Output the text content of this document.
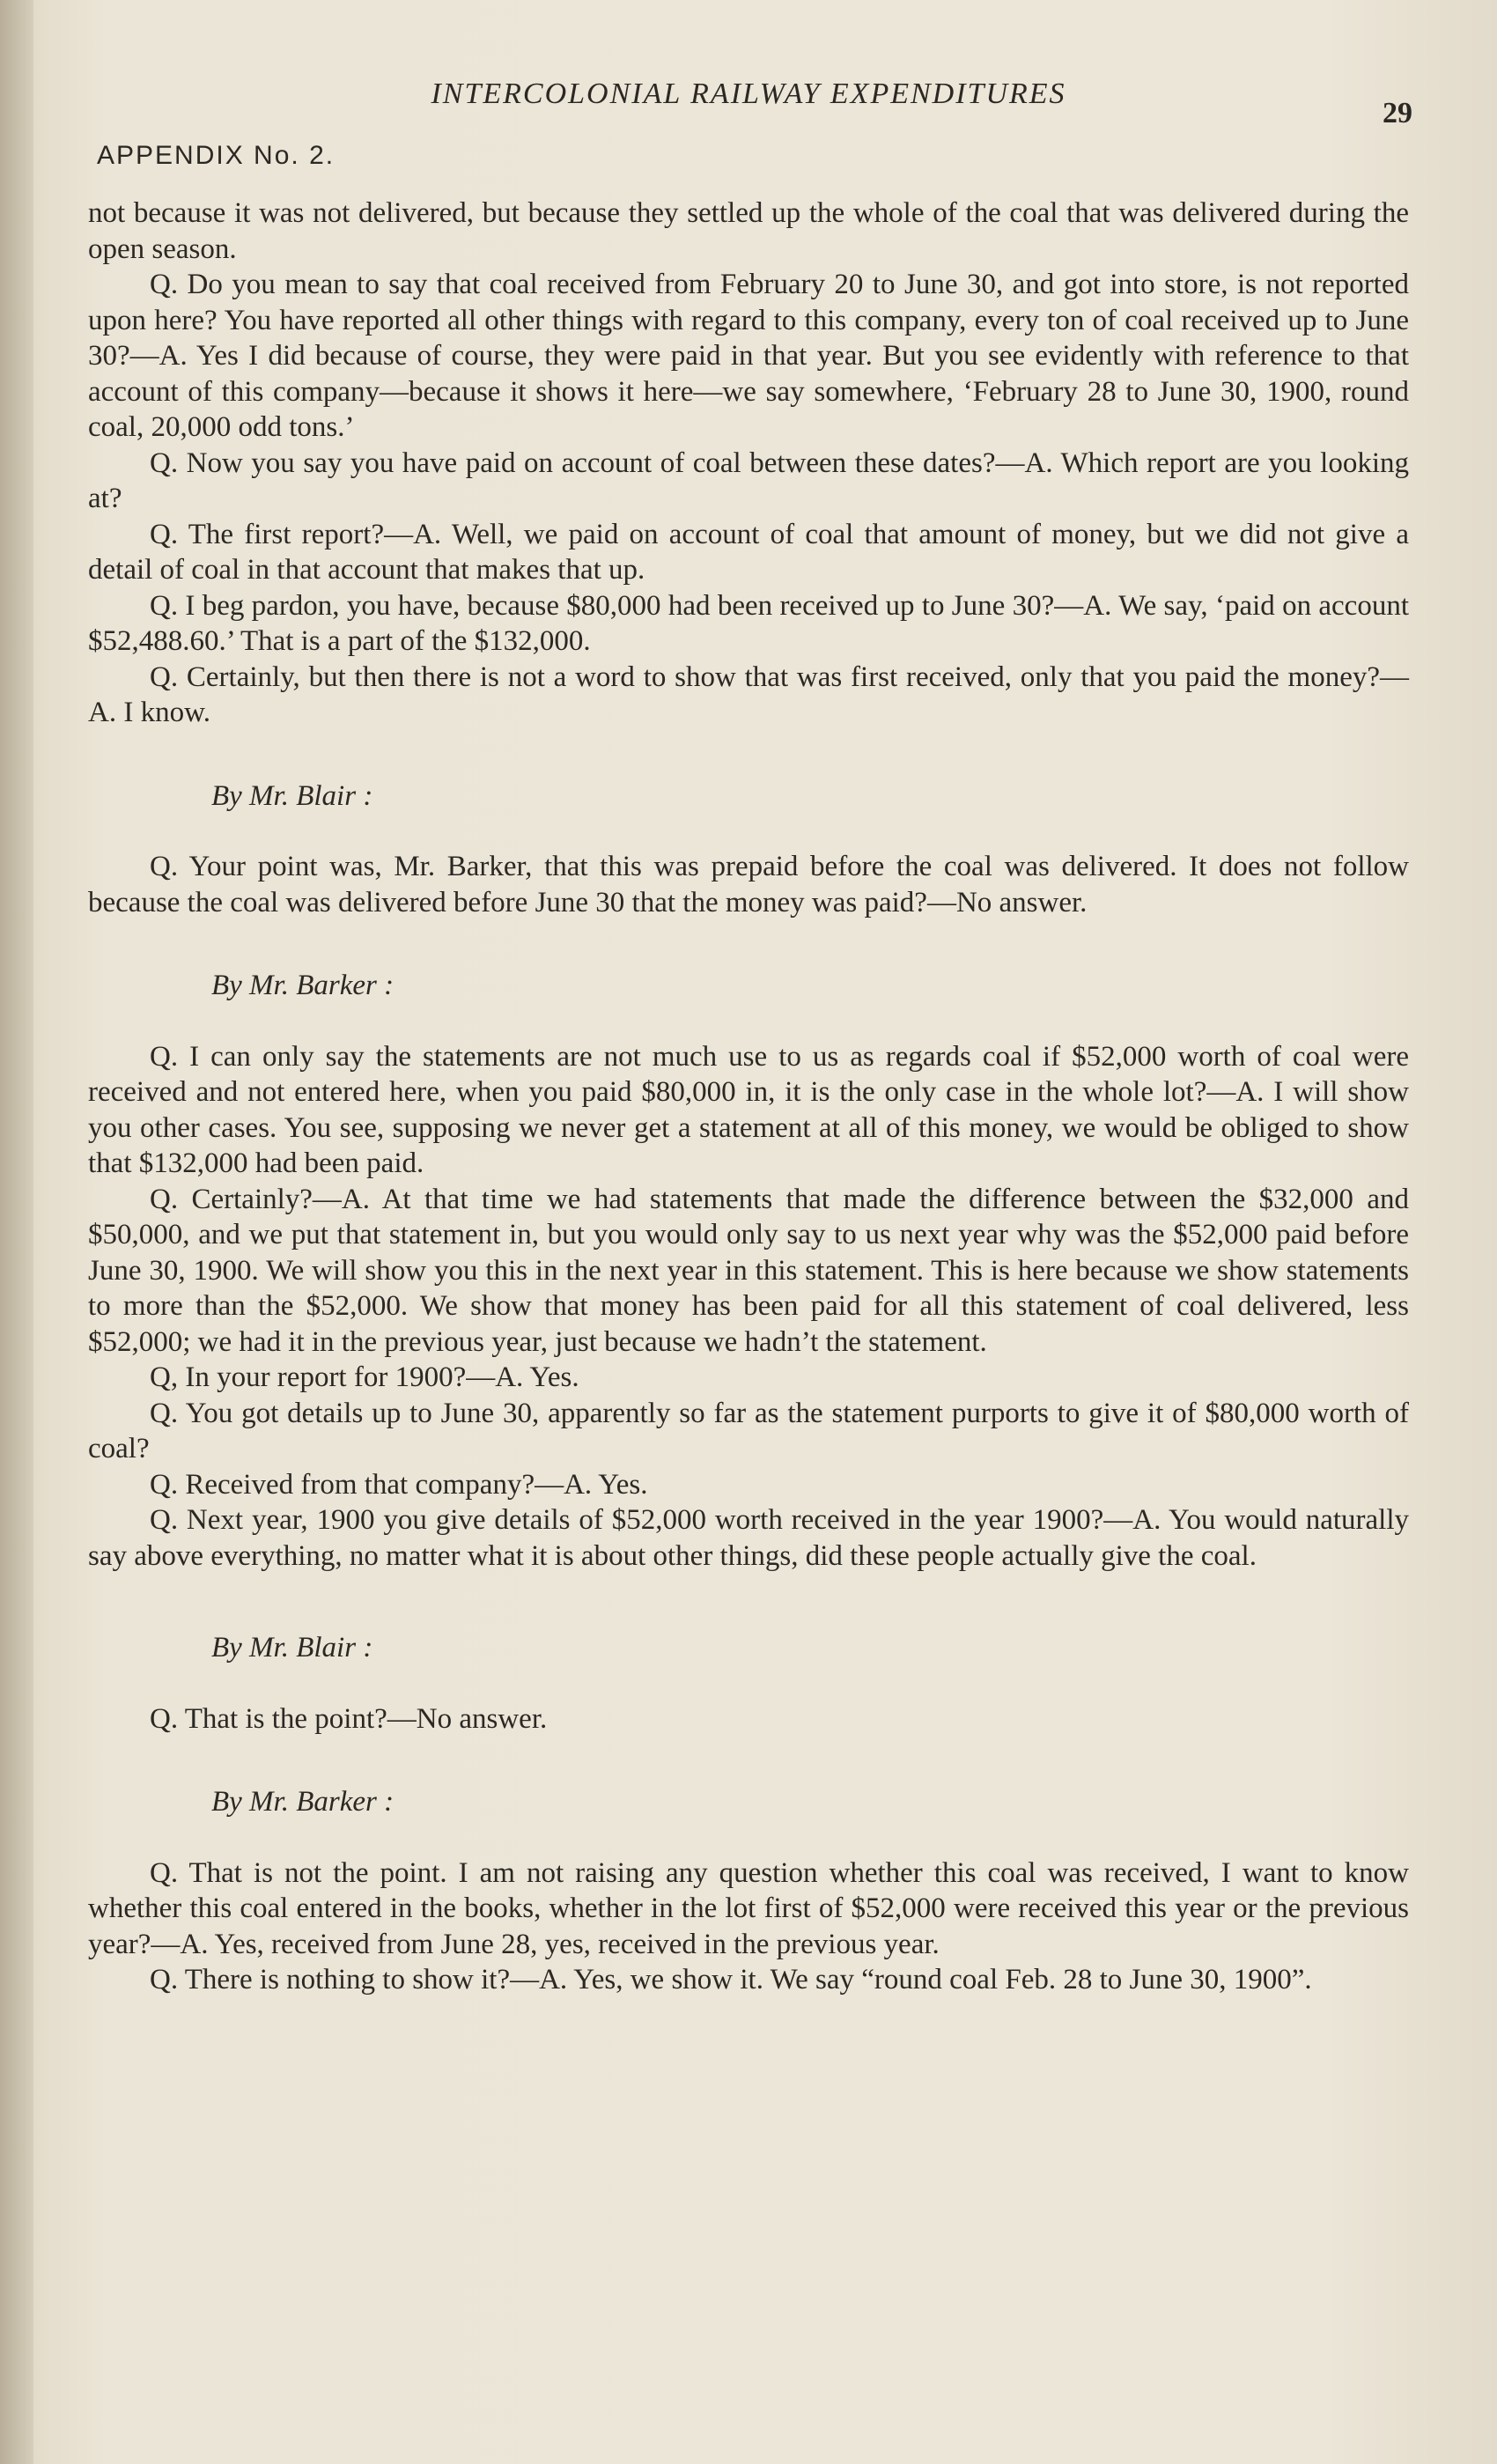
INTERCOLONIAL RAILWAY EXPENDITURES
29
APPENDIX No. 2.

not because it was not delivered, but because they settled up the whole of the coal that was delivered during the open season.

Q. Do you mean to say that coal received from February 20 to June 30, and got into store, is not reported upon here? You have reported all other things with regard to this company, every ton of coal received up to June 30?—A. Yes I did because of course, they were paid in that year. But you see evidently with reference to that account of this company—because it shows it here—we say somewhere, ‘February 28 to June 30, 1900, round coal, 20,000 odd tons.’

Q. Now you say you have paid on account of coal between these dates?—A. Which report are you looking at?

Q. The first report?—A. Well, we paid on account of coal that amount of money, but we did not give a detail of coal in that account that makes that up.

Q. I beg pardon, you have, because $80,000 had been received up to June 30?—A. We say, ‘paid on account $52,488.60.’ That is a part of the $132,000.

Q. Certainly, but then there is not a word to show that was first received, only that you paid the money?—A. I know.

By Mr. Blair :

Q. Your point was, Mr. Barker, that this was prepaid before the coal was delivered. It does not follow because the coal was delivered before June 30 that the money was paid?—No answer.

By Mr. Barker :

Q. I can only say the statements are not much use to us as regards coal if $52,000 worth of coal were received and not entered here, when you paid $80,000 in, it is the only case in the whole lot?—A. I will show you other cases. You see, supposing we never get a statement at all of this money, we would be obliged to show that $132,000 had been paid.

Q. Certainly?—A. At that time we had statements that made the difference between the $32,000 and $50,000, and we put that statement in, but you would only say to us next year why was the $52,000 paid before June 30, 1900. We will show you this in the next year in this statement. This is here because we show statements to more than the $52,000. We show that money has been paid for all this statement of coal delivered, less $52,000; we had it in the previous year, just because we hadn’t the statement.

Q, In your report for 1900?—A. Yes.

Q. You got details up to June 30, apparently so far as the statement purports to give it of $80,000 worth of coal?

Q. Received from that company?—A. Yes.

Q. Next year, 1900 you give details of $52,000 worth received in the year 1900?—A. You would naturally say above everything, no matter what it is about other things, did these people actually give the coal.

By Mr. Blair :

Q. That is the point?—No answer.

By Mr. Barker :

Q. That is not the point. I am not raising any question whether this coal was received, I want to know whether this coal entered in the books, whether in the lot first of $52,000 were received this year or the previous year?—A. Yes, received from June 28, yes, received in the previous year.

Q. There is nothing to show it?—A. Yes, we show it. We say “round coal Feb. 28 to June 30, 1900”.
